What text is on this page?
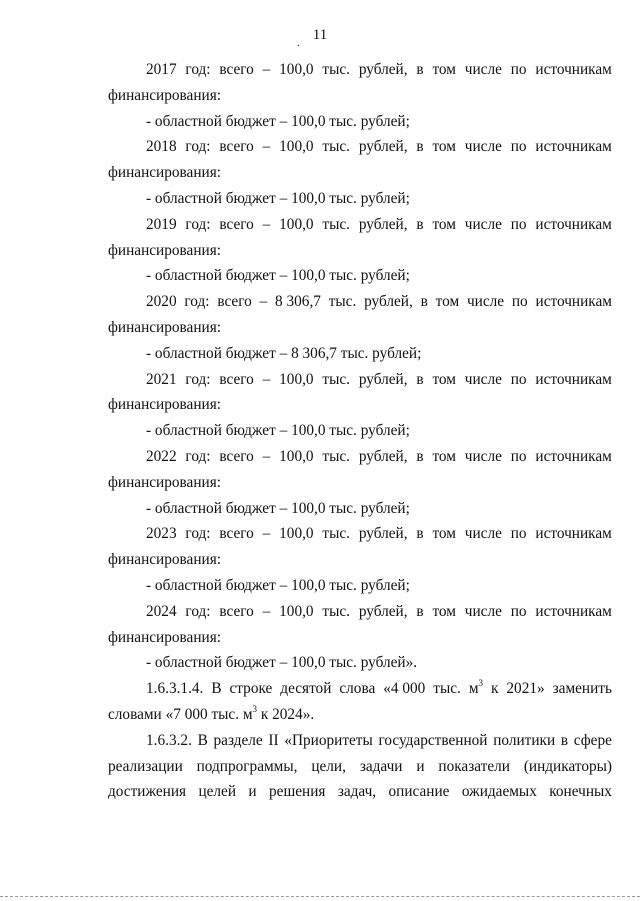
11
.
2017 год: всего – 100,0 тыс. рублей, в том числе по источникам
финансирования:
- областной бюджет – 100,0 тыс. рублей;
2018 год: всего – 100,0 тыс. рублей, в том числе по источникам
финансирования:
- областной бюджет – 100,0 тыс. рублей;
2019 год: всего – 100,0 тыс. рублей, в том числе по источникам
финансирования:
- областной бюджет – 100,0 тыс. рублей;
2020 год: всего – 8 306,7 тыс. рублей, в том числе по источникам
финансирования:
- областной бюджет – 8 306,7 тыс. рублей;
2021 год: всего – 100,0 тыс. рублей, в том числе по источникам
финансирования:
- областной бюджет – 100,0 тыс. рублей;
2022 год: всего – 100,0 тыс. рублей, в том числе по источникам
финансирования:
- областной бюджет – 100,0 тыс. рублей;
2023 год: всего – 100,0 тыс. рублей, в том числе по источникам
финансирования:
- областной бюджет – 100,0 тыс. рублей;
2024 год: всего – 100,0 тыс. рублей, в том числе по источникам
финансирования:
- областной бюджет – 100,0 тыс. рублей».
1.6.3.1.4. В строке десятой слова «4 000 тыс. $м^3$ к 2021» заменить
словами «7 000 тыс. $м^3$ к 2024».
1.6.3.2. В разделе II «Приоритеты государственной политики в сфере
реализации подпрограммы, цели, задачи и показатели (индикаторы)
достижения целей и решения задач, описание ожидаемых конечных
